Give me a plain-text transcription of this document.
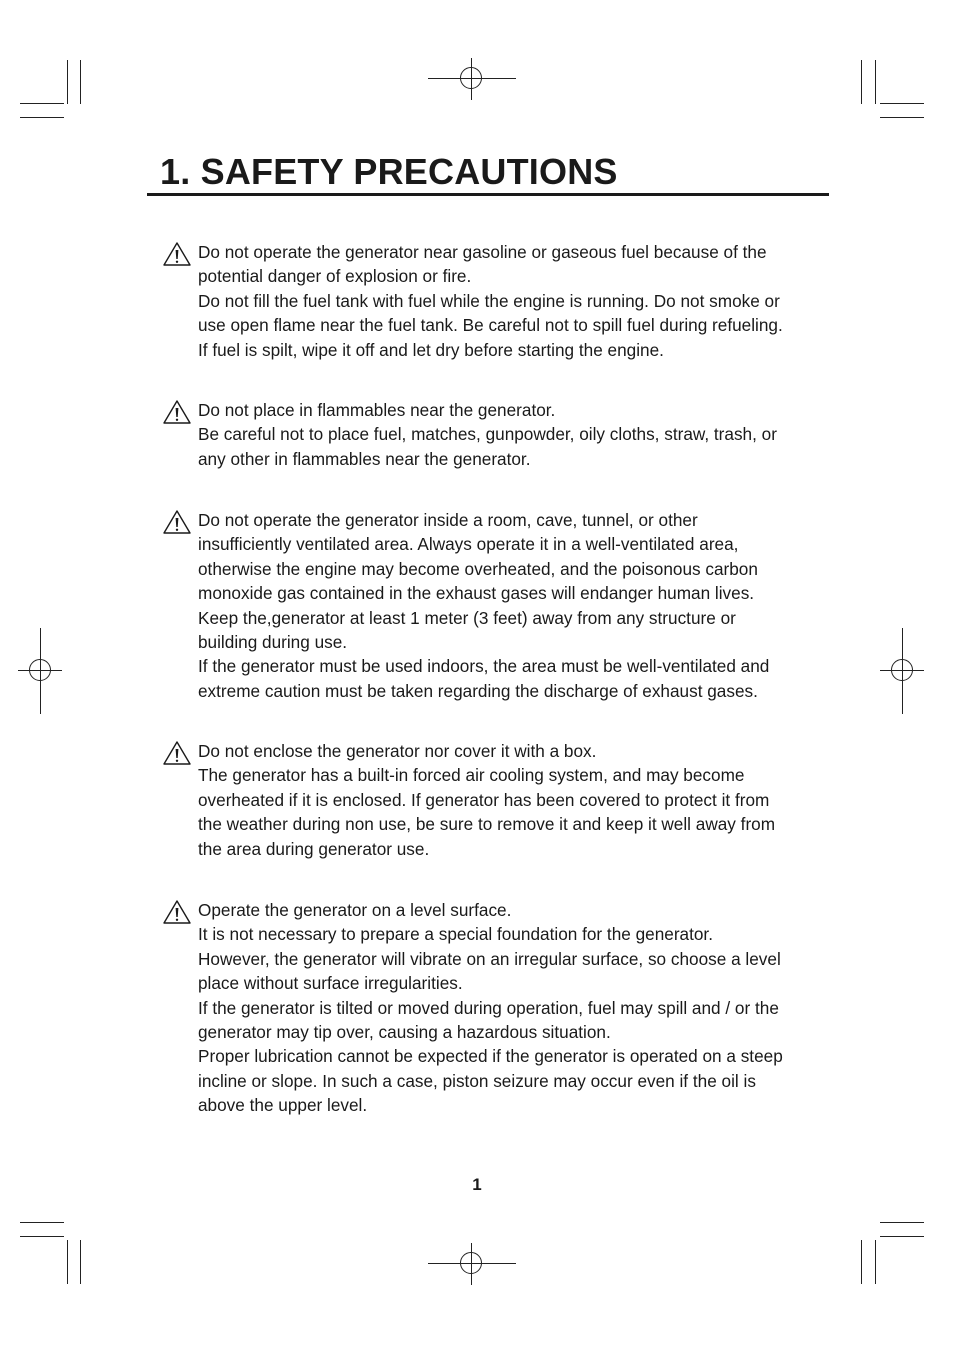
1. SAFETY PRECAUTIONS
Do not operate the generator near gasoline or gaseous fuel because of the
potential danger of explosion or fire.
Do not fill the fuel tank with fuel while the engine is running. Do not smoke or
use open flame near the fuel tank. Be careful not to spill fuel during refueling.
If fuel is spilt, wipe it off and let dry before starting the engine.
Do not place in flammables near the generator.
Be careful not to place fuel, matches, gunpowder, oily cloths, straw, trash, or
any other in flammables near the generator.
Do not operate the generator inside a room, cave, tunnel, or other
insufficiently ventilated area. Always operate it in a well-ventilated area,
otherwise the engine may become overheated, and the poisonous carbon
monoxide gas contained in the exhaust gases will endanger human lives.
Keep the,generator at least 1 meter (3 feet) away from any structure or
building during use.
If the generator must be used indoors, the area must be well-ventilated and
extreme caution must be taken regarding the discharge of exhaust gases.
Do not enclose the generator nor cover it with a box.
The generator has a built-in forced air cooling system, and may become
overheated if it is enclosed. If generator has been covered to protect it from
the weather during non use, be sure to remove it and keep it well away from
the area during generator use.
Operate the generator on a level surface.
It is not necessary to prepare a special foundation for the generator.
However, the generator will vibrate on an irregular surface, so choose a level
place without surface irregularities.
If the generator is tilted or moved during operation, fuel may spill and / or the
generator may tip over, causing a hazardous situation.
Proper lubrication cannot be expected if the generator is operated on a steep
incline or slope. In such a case, piston seizure may occur even if the oil is
above the upper level.
1
